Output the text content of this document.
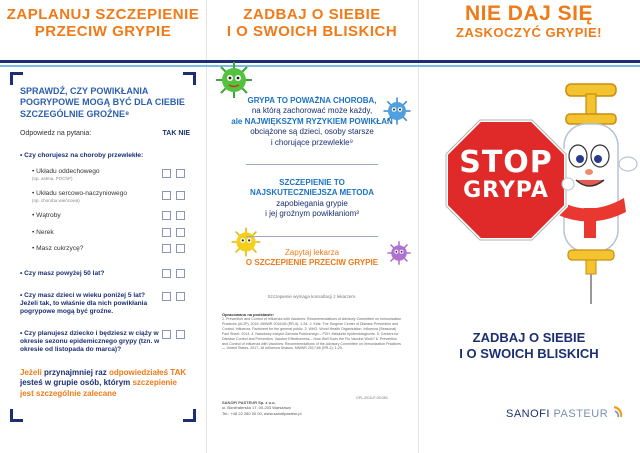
ZAPLANUJ SZCZEPIENIE
PRZECIW GRYPIE
SPRAWDŹ, CZY POWIKŁANIA
POGRYPOWE MOGĄ BYĆ DLA CIEBIE
SZCZEGÓLNIE GROŹNE⁸
Odpowiedz na pytania:	TAK NIE
• Czy chorujesz na choroby przewlekłe:
• Układu oddechowego
(np. astma, POChP)
• Układu sercowo-naczyniowego
(np. choroba wieńcowa)
• Wątroby
• Nerek
• Masz cukrzycę?
• Czy masz powyżej 50 lat?
• Czy masz dzieci w wieku poniżej 5 lat? Jeżeli tak, to właśnie dla nich powikłania pogrypowe mogą być groźne.
• Czy planujesz dziecko i będziesz w ciąży w okresie sezonu epidemicznego grypy (tzn. w okresie od listopada do marca)?
Jeżeli przynajmniej raz odpowiedziałeś TAK jesteś w grupie osób, którym szczepienie jest szczególnie zalecane
ZADBAJ O SIEBIE
I O SWOICH BLISKICH
GRYPA TO POWAŻNA CHOROBA,
na którą zachorować może każdy,
ale NAJWIĘKSZYM RYZYKIEM POWIKŁAŃ
obciążone są dzieci, osoby starsze
i chorujące przewlekle⁹
SZCZEPIENIE TO
NAJSKUTECZNIEJSZA METODA
zapobiegania grypie
i jej groźnym powikłaniom³
Zapytaj lekarza
O SZCZEPIENIE PRZECIW GRYPIE
Szczepienie wymaga konsultacji z lekarzem.
Opracowano na podstawie:
1. Prevention and Control of Influenza with Vaccines: Recommendations of Advisory Committee on Immunization Practices (ACIP), 2016. MMWR 2016;65 (RR-5): 1-54. 2. Kids: The Surgeon Center of Disease Prevention and Control. Influenza. Factsheet for the general public. 3. WHO. World Health Organization. Influenza (Seasonal) Fact Sheet. 2014. 4. Narodowy Instytut Zdrowia Publicznego – PZH. Meldunki epidemiologiczne. 5. Centers for Disease Control and Prevention. Vaccine Effectiveness – How Well Does the Flu Vaccine Work? 6. Prevention and Control of Influenza with Vaccines: Recommendations of the Advisory Committee on Immunization Practices — United States, 2017–18 Influenza Season. MMWR 2017;66 (RR-2): 1-20.
GPL-2016-P-09-083
SANOFI PASTEUR Sp. z o.o.
ul. Bonifraterska 17, 00-203 Warszawa
Tel.: +48 22 280 00 00, www.sanofipasteur.pl
NIE DAJ SIĘ
ZASKOCZYĆ GRYPIE!
STOP
GRYPA
ZADBAJ O SIEBIE
I O SWOICH BLISKICH
SANOFI PASTEUR
